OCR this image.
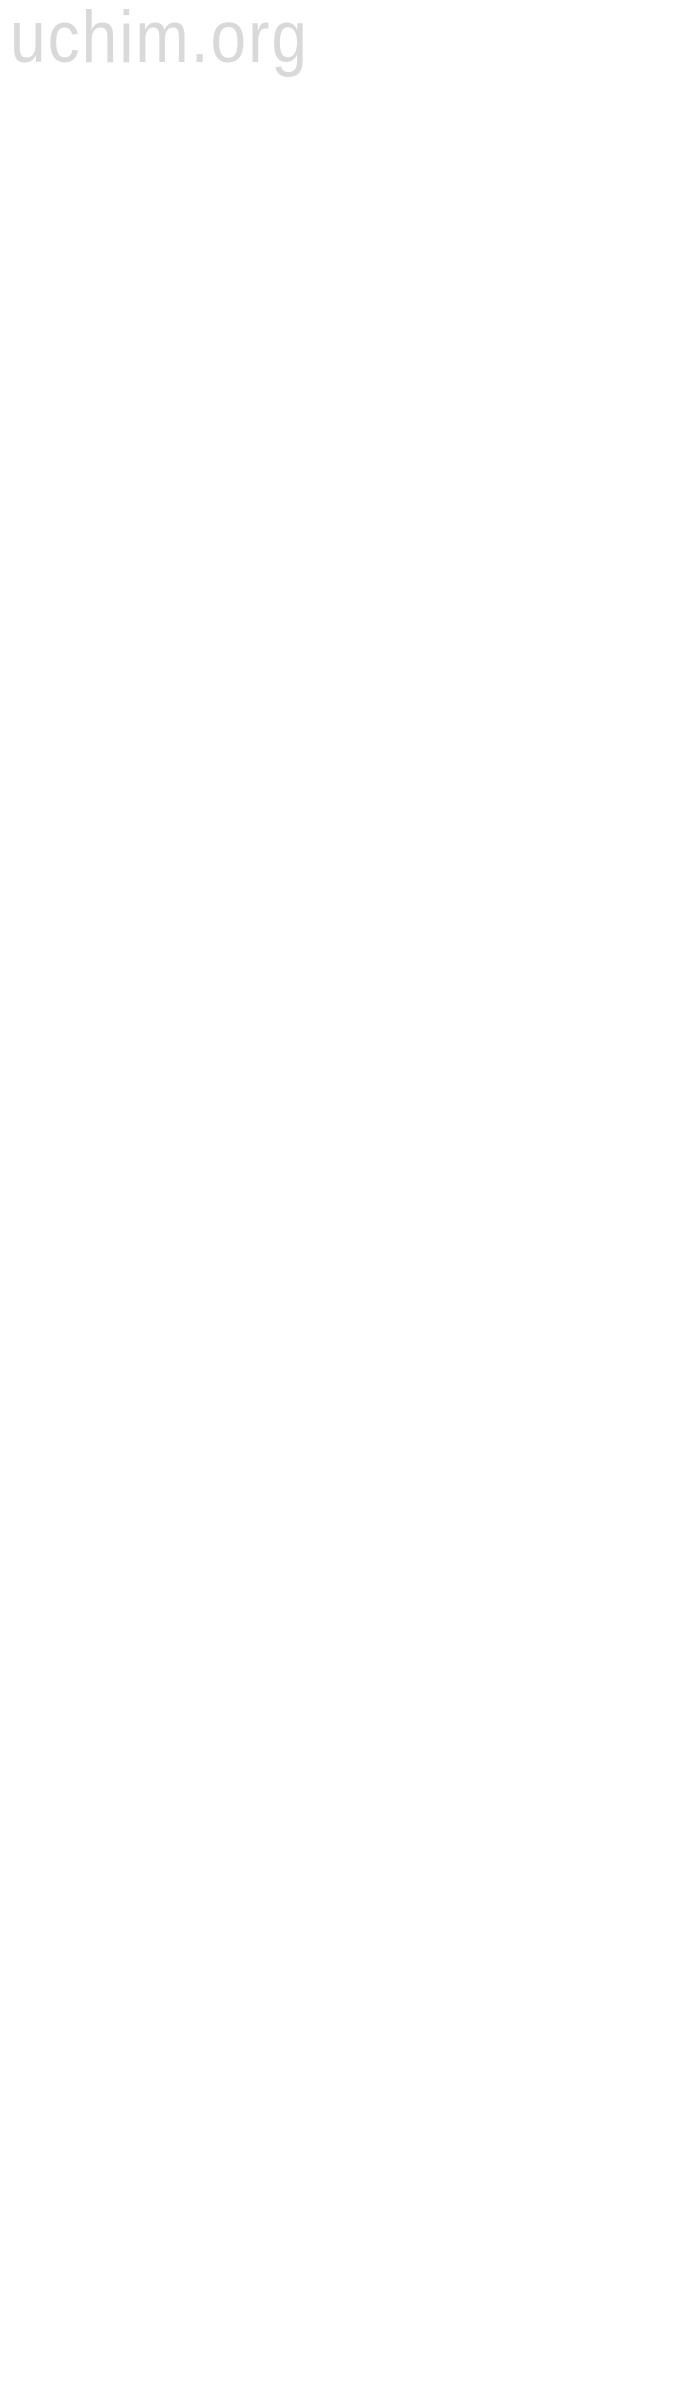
uchim.org
